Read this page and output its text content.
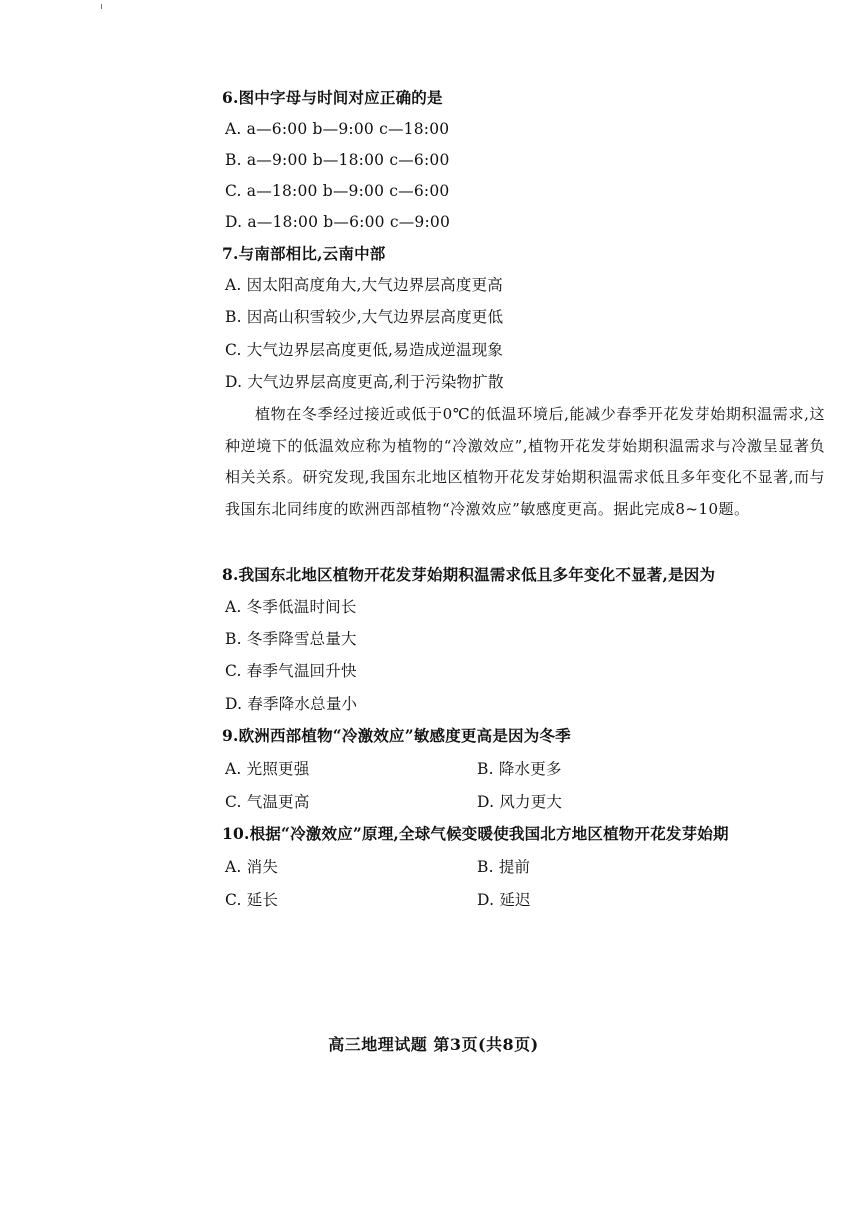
6.图中字母与时间对应正确的是
A. a—6:00 b—9:00 c—18:00
B. a—9:00 b—18:00 c—6:00
C. a—18:00 b—9:00 c—6:00
D. a—18:00 b—6:00 c—9:00
7.与南部相比,云南中部
A. 因太阳高度角大,大气边界层高度更高
B. 因高山积雪较少,大气边界层高度更低
C. 大气边界层高度更低,易造成逆温现象
D. 大气边界层高度更高,利于污染物扩散
植物在冬季经过接近或低于0℃的低温环境后,能减少春季开花发芽始期积温需求,这种逆境下的低温效应称为植物的“冷激效应”,植物开花发芽始期积温需求与冷激呈显著负相关关系。研究发现,我国东北地区植物开花发芽始期积温需求低且多年变化不显著,而与我国东北同纬度的欧洲西部植物“冷激效应”敏感度更高。据此完成8~10题。
8.我国东北地区植物开花发芽始期积温需求低且多年变化不显著,是因为
A. 冬季低温时间长
B. 冬季降雪总量大
C. 春季气温回升快
D. 春季降水总量小
9.欧洲西部植物“冷激效应”敏感度更高是因为冬季
A. 光照更强	B. 降水更多
C. 气温更高	D. 风力更大
10.根据“冷激效应”原理,全球气候变暖使我国北方地区植物开花发芽始期
A. 消失	B. 提前
C. 延长	D. 延迟
高三地理试题 第3页(共8页)
